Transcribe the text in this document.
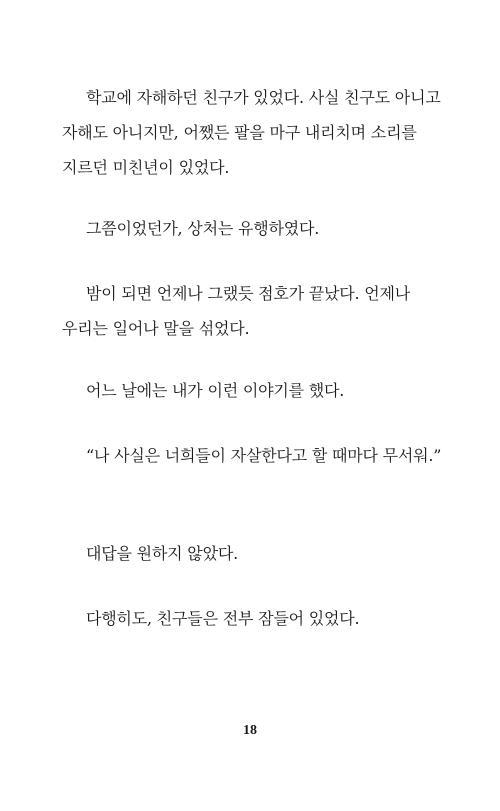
학교에 자해하던 친구가 있었다. 사실 친구도 아니고 자해도 아니지만, 어쨌든 팔을 마구 내리치며 소리를 지르던 미친년이 있었다.

그쯤이었던가, 상처는 유행하였다.

밤이 되면 언제나 그랬듯 점호가 끝났다. 언제나 우리는 일어나 말을 섞었다.

어느 날에는 내가 이런 이야기를 했다.

“나 사실은 너희들이 자살한다고 할 때마다 무서워.”

대답을 원하지 않았다.

다행히도, 친구들은 전부 잠들어 있었다.

18
